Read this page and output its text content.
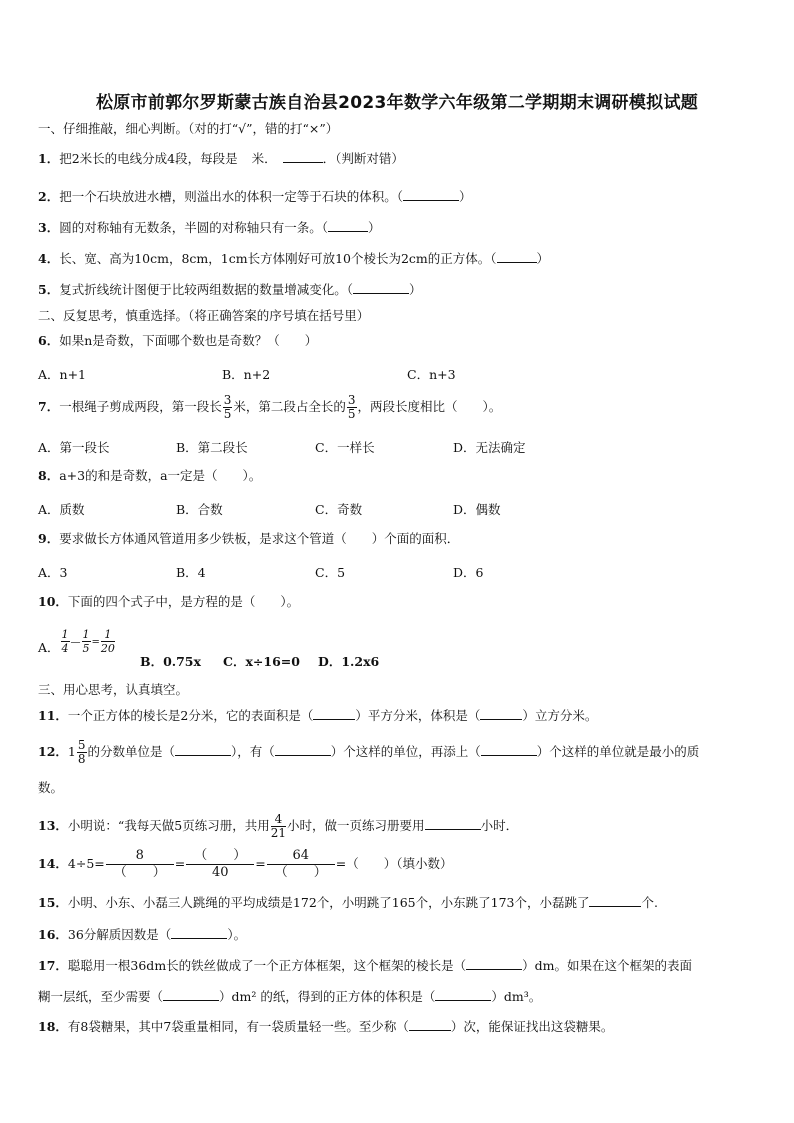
松原市前郭尔罗斯蒙古族自治县2023年数学六年级第二学期期末调研模拟试题
一、仔细推敲，细心判断。（对的打“√”，错的打“×”）
1．把2米长的电线分成4段，每段是 米．	．（判断对错）
2．把一个石块放进水槽，则溢出水的体积一定等于石块的体积。（	）
3．圆的对称轴有无数条，半圆的对称轴只有一条。（	）
4．长、宽、高为10cm，8cm，1cm长方体刚好可放10个棱长为2cm的正方体。（	）
5．复式折线统计图便于比较两组数据的数量增减变化。（	）
二、反复思考，慎重选择。（将正确答案的序号填在括号里）
6．如果n是奇数，下面哪个数也是奇数？（　　）
A．n+1	B．n+2	C．n+3
7．一根绳子剪成两段，第一段长 $\frac{3}{5}$ 米，第二段占全长的 $\frac{3}{5}$ ，两段长度相比（　　）。
A．第一段长	B．第二段长	C．一样长	D．无法确定
8．a+3的和是奇数，a一定是（　　）。
A．质数	B．合数	C．奇数	D．偶数
9．要求做长方体通风管道用多少铁板，是求这个管道（　　）个面的面积．
A．3	B．4	C．5	D．6
10．下面的四个式子中，是方程的是（　　）。
A． $\frac{1}{4}$ — $\frac{1}{5} = \frac{1}{20}$
B．0.75x C．x÷16=0 D．1.2x6
三、用心思考，认真填空。
11．一个正方体的棱长是2分米，它的表面积是（	）平方分米，体积是（	）立方分米。
12．$1 \frac{5}{8}$ 的分数单位是（	），有（	）个这样的单位，再添上（	）个这样的单位就是最小的质
数。
13．小明说：“我每天做5页练习册，共用 $\frac{4}{21}$ 小时，做一页练习册要用	小时．
14．$4\div 5= \frac{8}{( )} = \frac{( )}{40} = \frac{64}{( )}$ =（　　）（填小数）
15．小明、小东、小磊三人跳绳的平均成绩是172个，小明跳了165个，小东跳了173个，小磊跳了	个.
16．36分解质因数是（	）。
17．聪聪用一根36dm长的铁丝做成了一个正方体框架，这个框架的棱长是（	）dm。如果在这个框架的表面
糊一层纸，至少需要（	）dm² 的纸，得到的正方体的体积是（	）dm³。
18．有8袋糖果，其中7袋重量相同，有一袋质量轻一些。至少称（	）次，能保证找出这袋糖果。
